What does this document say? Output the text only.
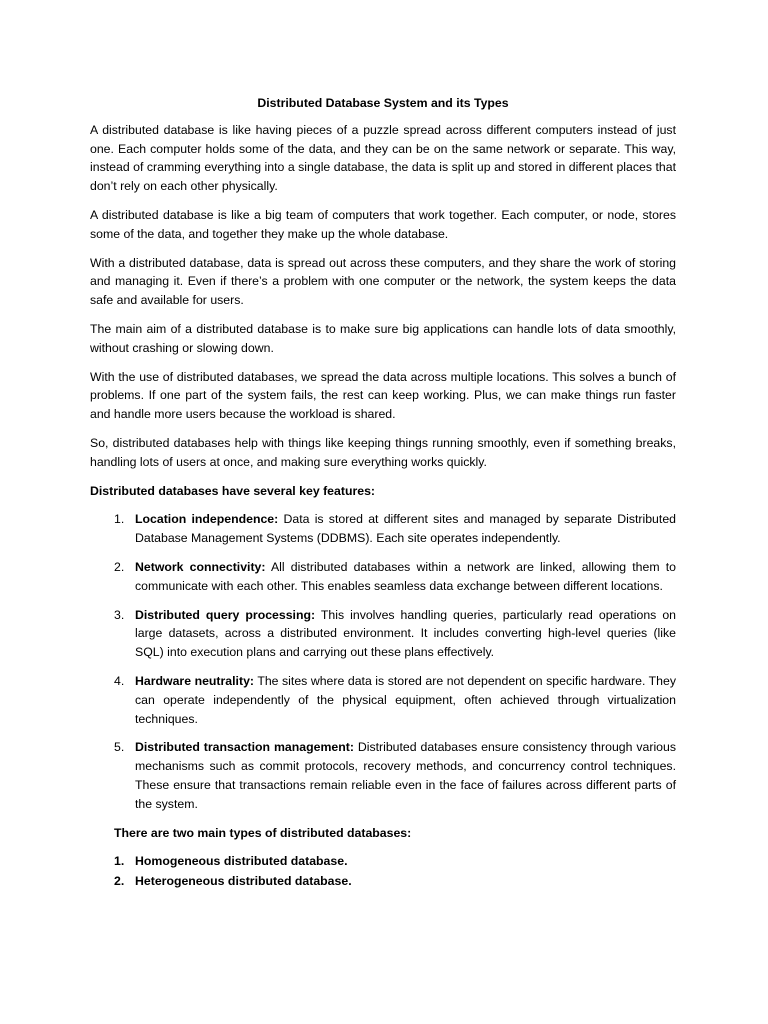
Distributed Database System and its Types

A distributed database is like having pieces of a puzzle spread across different computers instead of just one. Each computer holds some of the data, and they can be on the same network or separate. This way, instead of cramming everything into a single database, the data is split up and stored in different places that don’t rely on each other physically.

A distributed database is like a big team of computers that work together. Each computer, or node, stores some of the data, and together they make up the whole database.

With a distributed database, data is spread out across these computers, and they share the work of storing and managing it. Even if there’s a problem with one computer or the network, the system keeps the data safe and available for users.

The main aim of a distributed database is to make sure big applications can handle lots of data smoothly, without crashing or slowing down.

With the use of distributed databases, we spread the data across multiple locations. This solves a bunch of problems. If one part of the system fails, the rest can keep working. Plus, we can make things run faster and handle more users because the workload is shared.

So, distributed databases help with things like keeping things running smoothly, even if something breaks, handling lots of users at once, and making sure everything works quickly.

Distributed databases have several key features:
1. Location independence: Data is stored at different sites and managed by separate Distributed Database Management Systems (DDBMS). Each site operates independently.
2. Network connectivity: All distributed databases within a network are linked, allowing them to communicate with each other. This enables seamless data exchange between different locations.
3. Distributed query processing: This involves handling queries, particularly read operations on large datasets, across a distributed environment. It includes converting high-level queries (like SQL) into execution plans and carrying out these plans effectively.
4. Hardware neutrality: The sites where data is stored are not dependent on specific hardware. They can operate independently of the physical equipment, often achieved through virtualization techniques.
5. Distributed transaction management: Distributed databases ensure consistency through various mechanisms such as commit protocols, recovery methods, and concurrency control techniques. These ensure that transactions remain reliable even in the face of failures across different parts of the system.
There are two main types of distributed databases:
1. Homogeneous distributed database.
2. Heterogeneous distributed database.
